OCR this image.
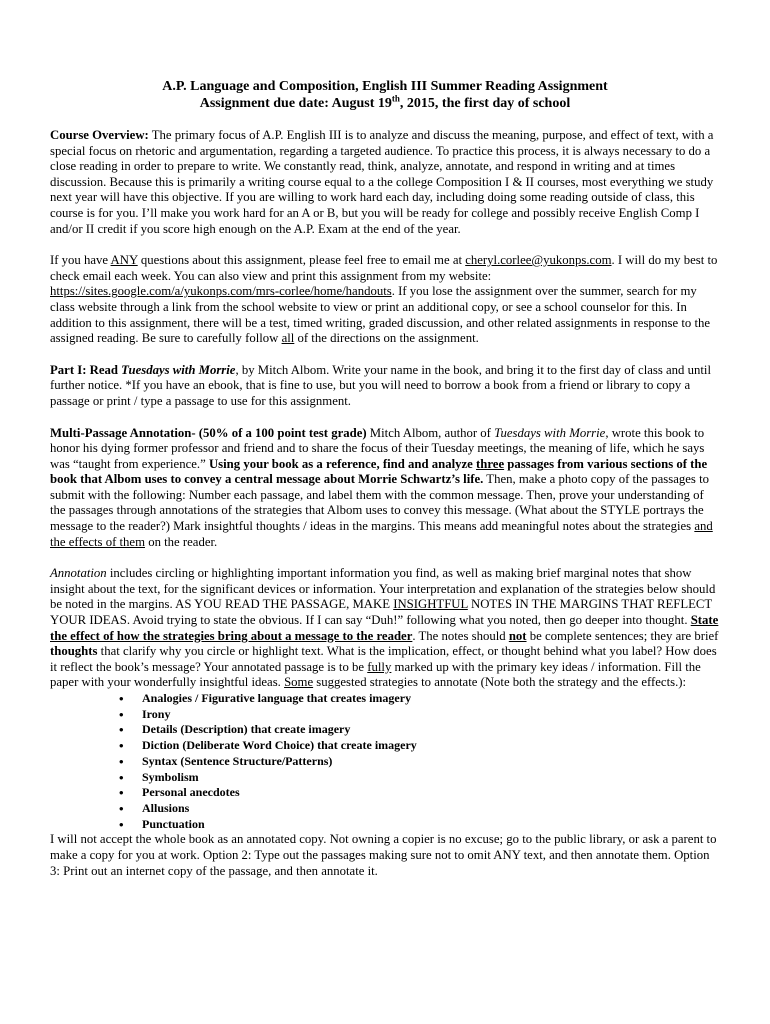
A.P. Language and Composition, English III Summer Reading Assignment
Assignment due date: August 19th, 2015, the first day of school

Course Overview: The primary focus of A.P. English III is to analyze and discuss the meaning, purpose, and effect of text, with a special focus on rhetoric and argumentation, regarding a targeted audience. To practice this process, it is always necessary to do a close reading in order to prepare to write. We constantly read, think, analyze, annotate, and respond in writing and at times discussion. Because this is primarily a writing course equal to a the college Composition I & II courses, most everything we study next year will have this objective. If you are willing to work hard each day, including doing some reading outside of class, this course is for you. I’ll make you work hard for an A or B, but you will be ready for college and possibly receive English Comp I and/or II credit if you score high enough on the A.P. Exam at the end of the year.

If you have ANY questions about this assignment, please feel free to email me at cheryl.corlee@yukonps.com. I will do my best to check email each week. You can also view and print this assignment from my website: https://sites.google.com/a/yukonps.com/mrs-corlee/home/handouts. If you lose the assignment over the summer, search for my class website through a link from the school website to view or print an additional copy, or see a school counselor for this. In addition to this assignment, there will be a test, timed writing, graded discussion, and other related assignments in response to the assigned reading. Be sure to carefully follow all of the directions on the assignment.

Part I: Read Tuesdays with Morrie, by Mitch Albom. Write your name in the book, and bring it to the first day of class and until further notice. *If you have an ebook, that is fine to use, but you will need to borrow a book from a friend or library to copy a passage or print / type a passage to use for this assignment.

Multi-Passage Annotation- (50% of a 100 point test grade) Mitch Albom, author of Tuesdays with Morrie, wrote this book to honor his dying former professor and friend and to share the focus of their Tuesday meetings, the meaning of life, which he says was “taught from experience.” Using your book as a reference, find and analyze three passages from various sections of the book that Albom uses to convey a central message about Morrie Schwartz’s life. Then, make a photo copy of the passages to submit with the following: Number each passage, and label them with the common message. Then, prove your understanding of the passages through annotations of the strategies that Albom uses to convey this message. (What about the STYLE portrays the message to the reader?) Mark insightful thoughts / ideas in the margins. This means add meaningful notes about the strategies and the effects of them on the reader.

Annotation includes circling or highlighting important information you find, as well as making brief marginal notes that show insight about the text, for the significant devices or information. Your interpretation and explanation of the strategies below should be noted in the margins. AS YOU READ THE PASSAGE, MAKE INSIGHTFUL NOTES IN THE MARGINS THAT REFLECT YOUR IDEAS. Avoid trying to state the obvious. If I can say “Duh!” following what you noted, then go deeper into thought. State the effect of how the strategies bring about a message to the reader. The notes should not be complete sentences; they are brief thoughts that clarify why you circle or highlight text. What is the implication, effect, or thought behind what you label? How does it reflect the book’s message? Your annotated passage is to be fully marked up with the primary key ideas / information. Fill the paper with your wonderfully insightful ideas. Some suggested strategies to annotate (Note both the strategy and the effects.):

• Analogies / Figurative language that creates imagery
• Irony
• Details (Description) that create imagery
• Diction (Deliberate Word Choice) that create imagery
• Syntax (Sentence Structure/Patterns)
• Symbolism
• Personal anecdotes
• Allusions
• Punctuation

I will not accept the whole book as an annotated copy. Not owning a copier is no excuse; go to the public library, or ask a parent to make a copy for you at work. Option 2: Type out the passages making sure not to omit ANY text, and then annotate them. Option 3: Print out an internet copy of the passage, and then annotate it.
